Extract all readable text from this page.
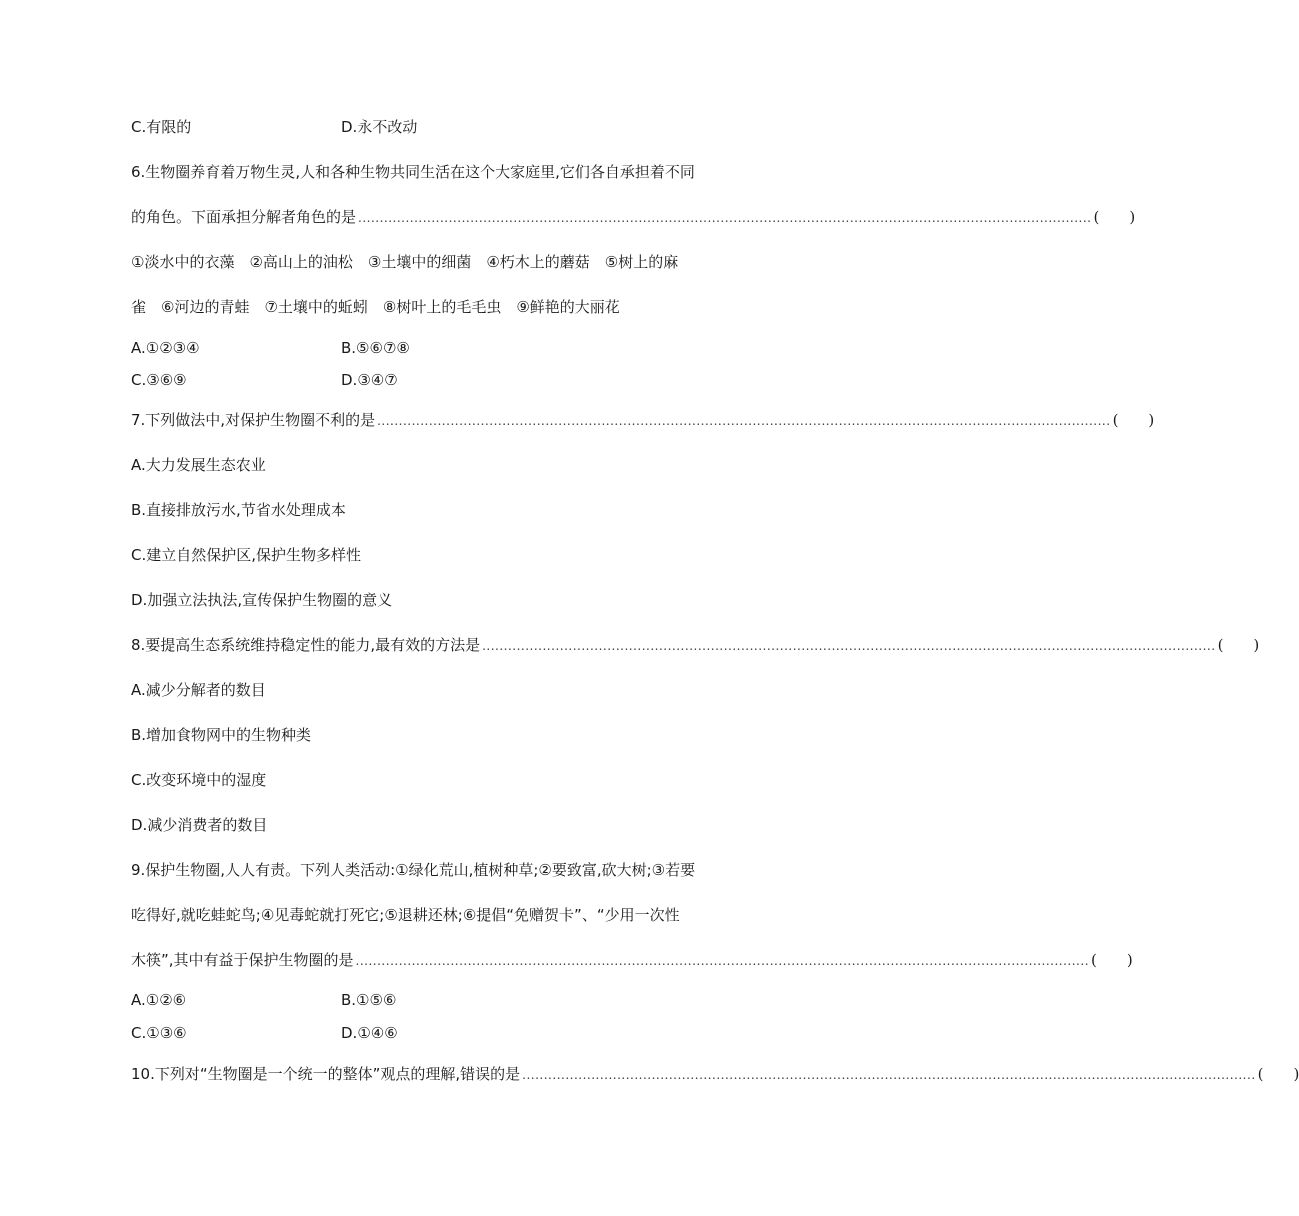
C.有限的	D.永不改动
6.生物圈养育着万物生灵,人和各种生物共同生活在这个大家庭里,它们各自承担着不同
的角色。下面承担分解者角色的是 .......................................................................................................................................................................... (　　)
①淡水中的衣藻　②高山上的油松　③土壤中的细菌　④朽木上的蘑菇　⑤树上的麻
雀　⑥河边的青蛙　⑦土壤中的蚯蚓　⑧树叶上的毛毛虫　⑨鲜艳的大丽花
A.①②③④	B.⑤⑥⑦⑧
C.③⑥⑨	D.③④⑦
7.下列做法中,对保护生物圈不利的是 .......................................................................................................................................................................... (　　)
A.大力发展生态农业
B.直接排放污水,节省水处理成本
C.建立自然保护区,保护生物多样性
D.加强立法执法,宣传保护生物圈的意义
8.要提高生态系统维持稳定性的能力,最有效的方法是 .......................................................................................................................................................................... (　　)
A.减少分解者的数目
B.增加食物网中的生物种类
C.改变环境中的湿度
D.减少消费者的数目
9.保护生物圈,人人有责。下列人类活动:①绿化荒山,植树种草;②要致富,砍大树;③若要
吃得好,就吃蛙蛇鸟;④见毒蛇就打死它;⑤退耕还林;⑥提倡“免赠贺卡”、“少用一次性
木筷”,其中有益于保护生物圈的是 .......................................................................................................................................................................... (　　)
A.①②⑥	B.①⑤⑥
C.①③⑥	D.①④⑥
10.下列对“生物圈是一个统一的整体”观点的理解,错误的是 .......................................................................................................................................................................... (　　)
